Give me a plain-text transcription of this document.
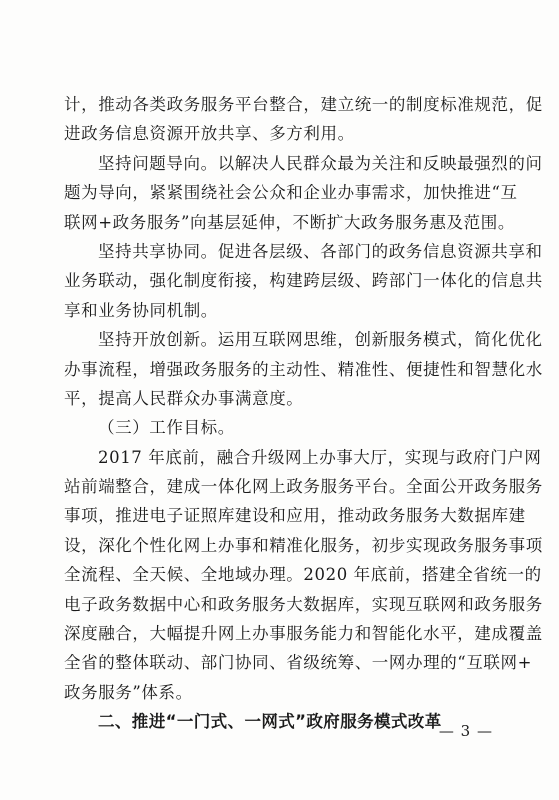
计，推动各类政务服务平台整合，建立统一的制度标准规范，促
进政务信息资源开放共享、多方利用。
坚持问题导向。以解决人民群众最为关注和反映最强烈的问
题为导向，紧紧围绕社会公众和企业办事需求，加快推进“互
联网+政务服务”向基层延伸，不断扩大政务服务惠及范围。
坚持共享协同。促进各层级、各部门的政务信息资源共享和
业务联动，强化制度衔接，构建跨层级、跨部门一体化的信息共
享和业务协同机制。
坚持开放创新。运用互联网思维，创新服务模式，简化优化
办事流程，增强政务服务的主动性、精准性、便捷性和智慧化水
平，提高人民群众办事满意度。
（三）工作目标。
2017 年底前，融合升级网上办事大厅，实现与政府门户网
站前端整合，建成一体化网上政务服务平台。全面公开政务服务
事项，推进电子证照库建设和应用，推动政务服务大数据库建
设，深化个性化网上办事和精准化服务，初步实现政务服务事项
全流程、全天候、全地域办理。2020 年底前，搭建全省统一的
电子政务数据中心和政务服务大数据库，实现互联网和政务服务
深度融合，大幅提升网上办事服务能力和智能化水平，建成覆盖
全省的整体联动、部门协同、省级统筹、一网办理的“互联网+
政务服务”体系。
二、推进“一门式、一网式”政府服务模式改革
— 3 —
